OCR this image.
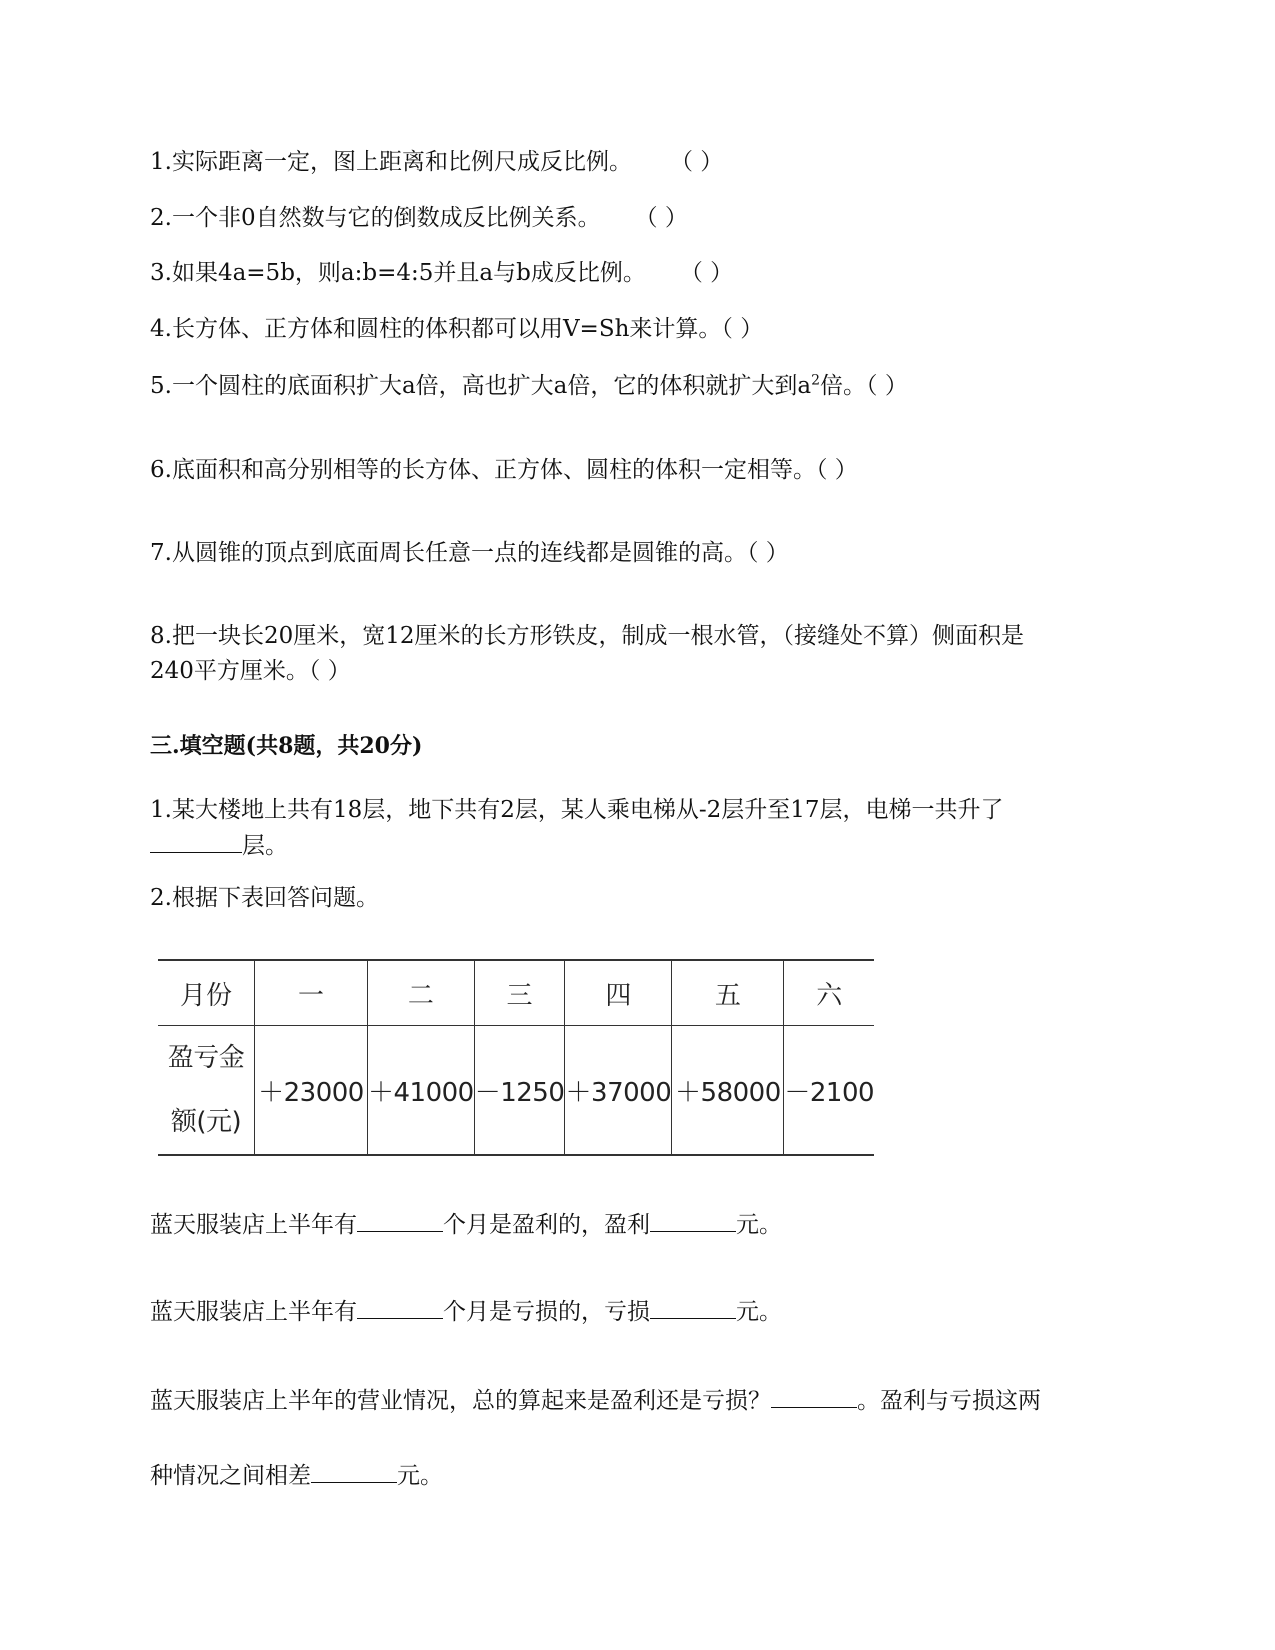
1.实际距离一定，图上距离和比例尺成反比例。 （ ）
2.一个非0自然数与它的倒数成反比例关系。 （ ）
3.如果4a=5b，则a:b=4:5并且a与b成反比例。 （ ）
4.长方体、正方体和圆柱的体积都可以用V=Sh来计算。（ ）
5.一个圆柱的底面积扩大a倍，高也扩大a倍，它的体积就扩大到$a^2$倍。（ ）
6.底面积和高分别相等的长方体、正方体、圆柱的体积一定相等。（ ）
7.从圆锥的顶点到底面周长任意一点的连线都是圆锥的高。（ ）
8.把一块长20厘米，宽12厘米的长方形铁皮，制成一根水管，（接缝处不算）侧面积是
240平方厘米。（ ）
三.填空题(共8题，共20分)
1.某大楼地上共有18层，地下共有2层，某人乘电梯从-2层升至17层，电梯一共升了
层。
2.根据下表回答问题。
月份	一	二	三	四	五	六

盈亏金
额(元)	＋23000	＋41000	－1250	＋37000	＋58000	－2100
蓝天服装店上半年有	个月是盈利的，盈利	元。
蓝天服装店上半年有	个月是亏损的，亏损	元。
蓝天服装店上半年的营业情况，总的算起来是盈利还是亏损？	。盈利与亏损这两
种情况之间相差	元。
